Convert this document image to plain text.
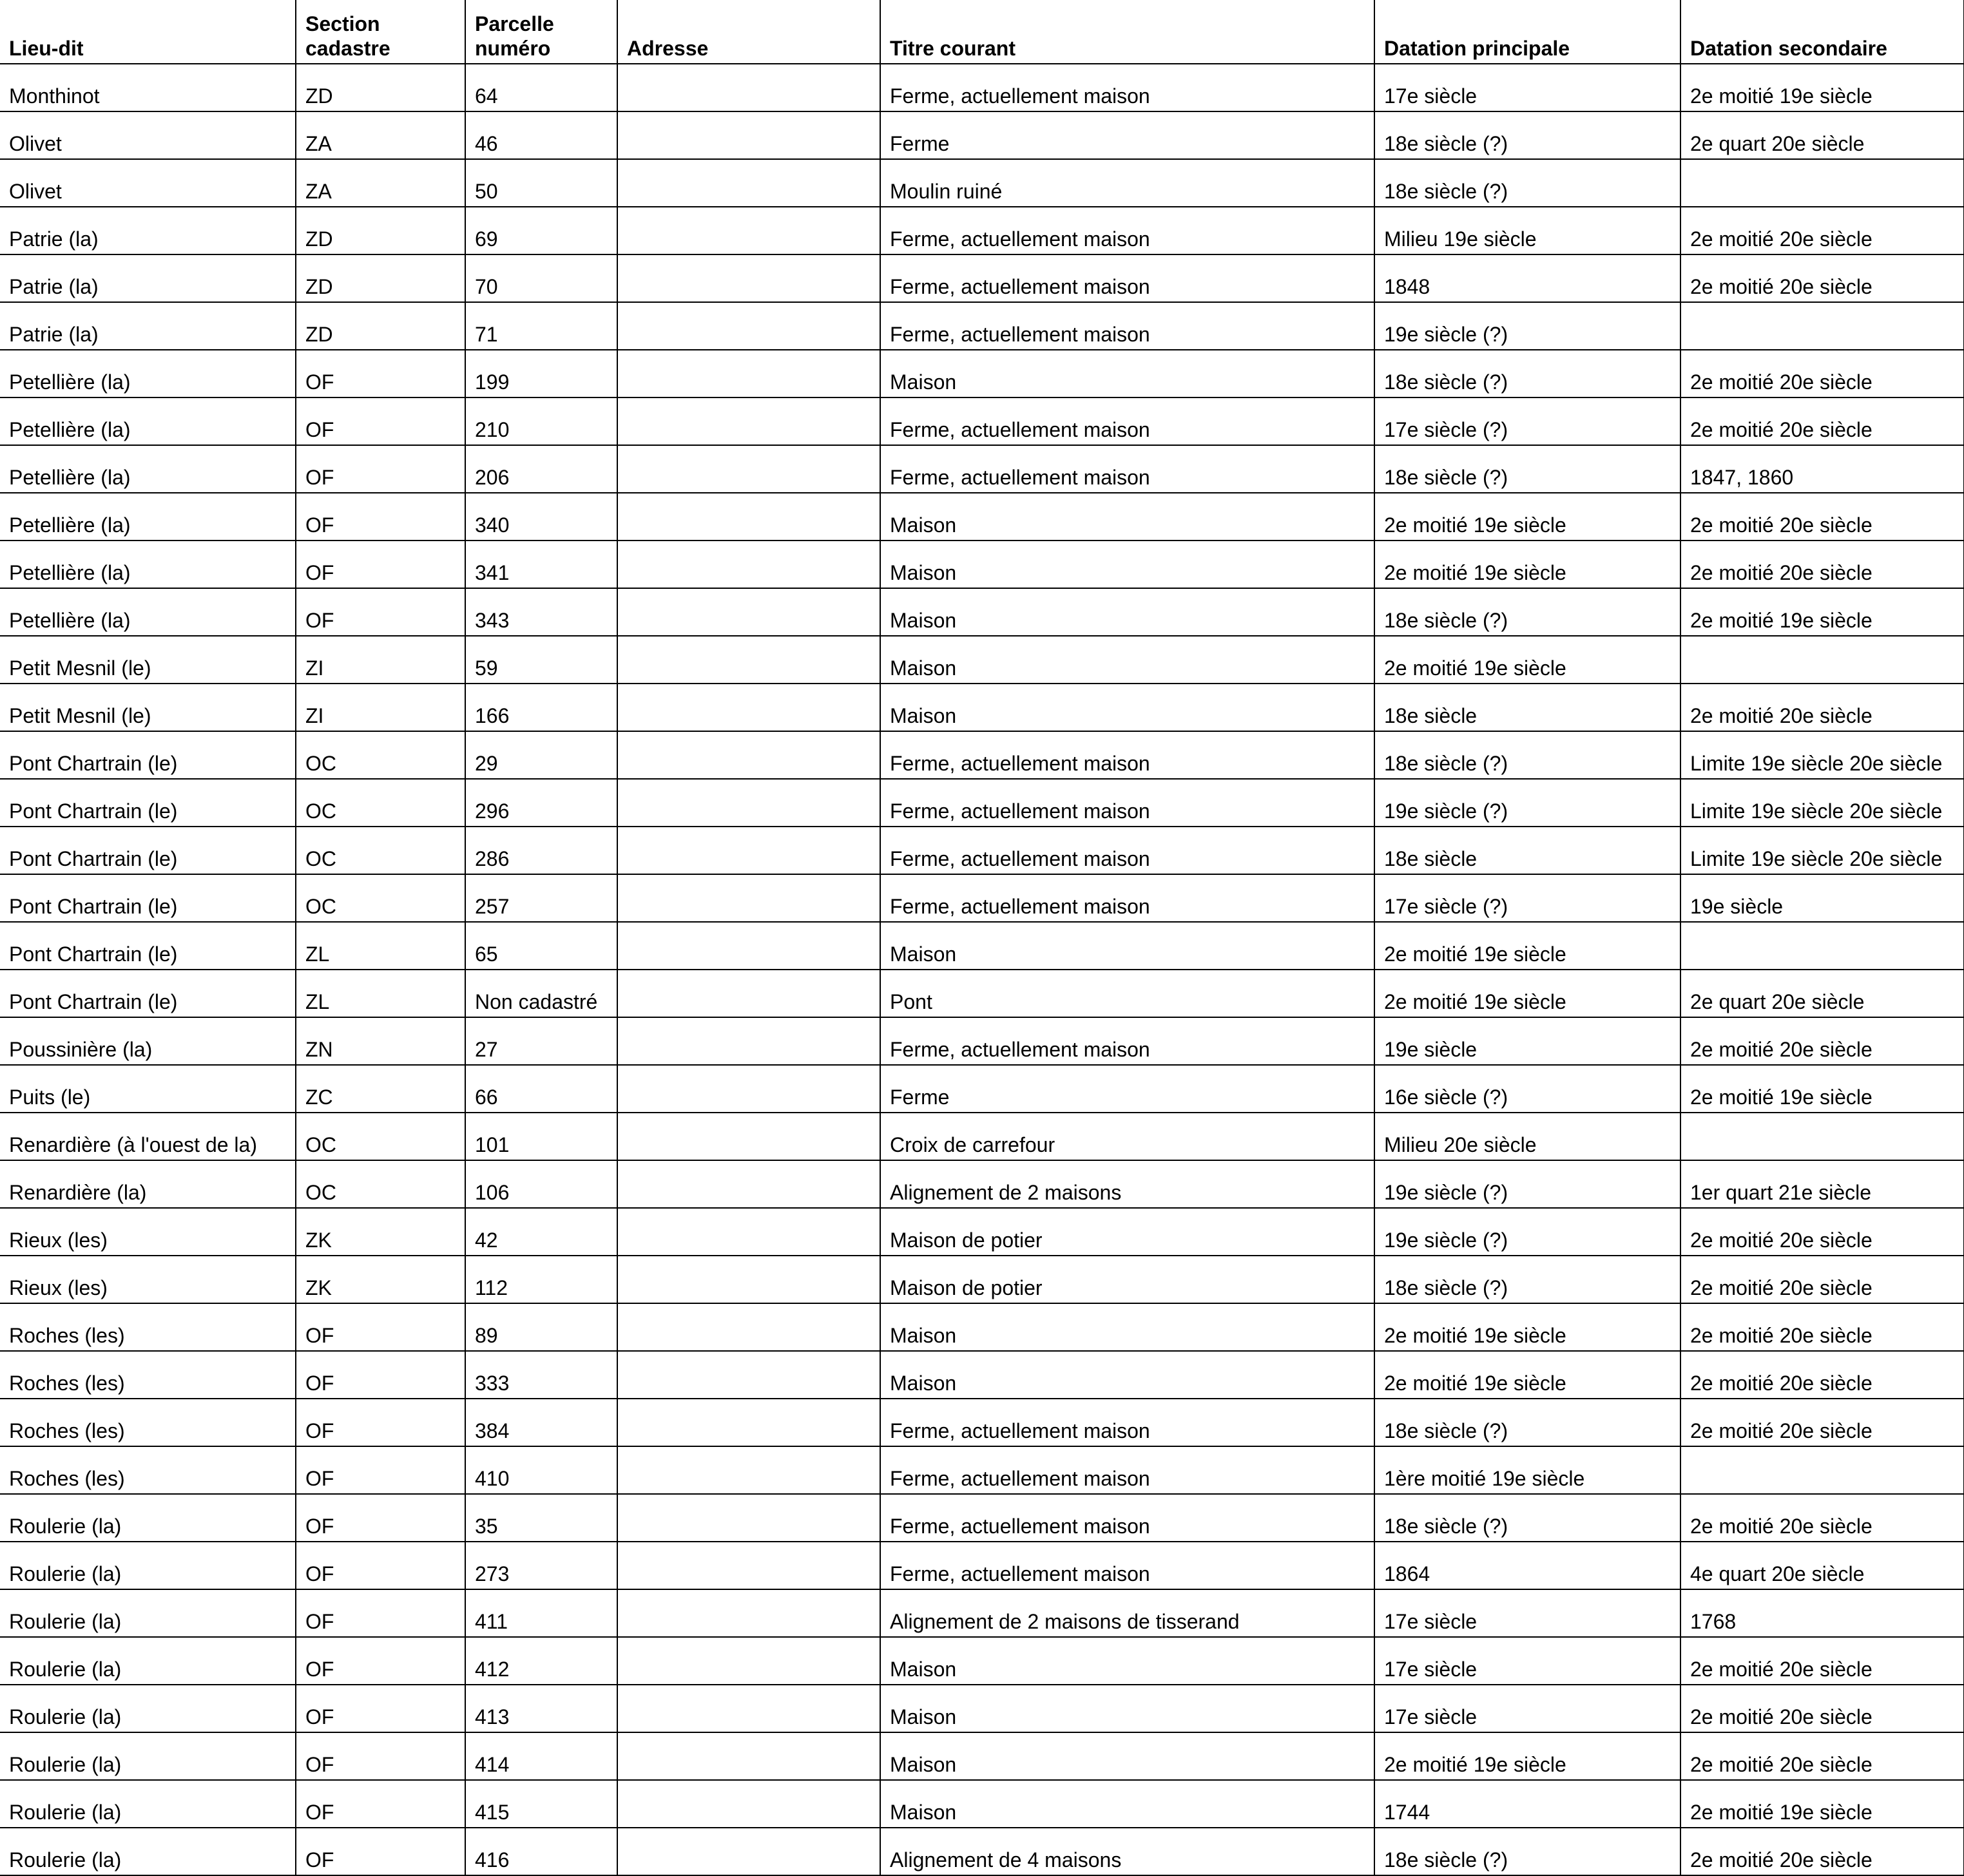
Lieu-dit	Section cadastre	Parcelle numéro	Adresse	Titre courant	Datation principale	Datation secondaire
Monthinot	ZD	64		Ferme, actuellement maison	17e siècle	2e moitié 19e siècle
Olivet	ZA	46		Ferme	18e siècle (?)	2e quart 20e siècle
Olivet	ZA	50		Moulin ruiné	18e siècle (?)	
Patrie (la)	ZD	69		Ferme, actuellement maison	Milieu 19e siècle	2e moitié 20e siècle
Patrie (la)	ZD	70		Ferme, actuellement maison	1848	2e moitié 20e siècle
Patrie (la)	ZD	71		Ferme, actuellement maison	19e siècle (?)	
Petellière (la)	OF	199		Maison	18e siècle (?)	2e moitié 20e siècle
Petellière (la)	OF	210		Ferme, actuellement maison	17e siècle (?)	2e moitié 20e siècle
Petellière (la)	OF	206		Ferme, actuellement maison	18e siècle (?)	1847, 1860
Petellière (la)	OF	340		Maison	2e moitié 19e siècle	2e moitié 20e siècle
Petellière (la)	OF	341		Maison	2e moitié 19e siècle	2e moitié 20e siècle
Petellière (la)	OF	343		Maison	18e siècle (?)	2e moitié 19e siècle
Petit Mesnil (le)	ZI	59		Maison	2e moitié 19e siècle	
Petit Mesnil (le)	ZI	166		Maison	18e siècle	2e moitié 20e siècle
Pont Chartrain (le)	OC	29		Ferme, actuellement maison	18e siècle (?)	Limite 19e siècle 20e siècle
Pont Chartrain (le)	OC	296		Ferme, actuellement maison	19e siècle (?)	Limite 19e siècle 20e siècle
Pont Chartrain (le)	OC	286		Ferme, actuellement maison	18e siècle	Limite 19e siècle 20e siècle
Pont Chartrain (le)	OC	257		Ferme, actuellement maison	17e siècle (?)	19e siècle
Pont Chartrain (le)	ZL	65		Maison	2e moitié 19e siècle	
Pont Chartrain (le)	ZL	Non cadastré		Pont	2e moitié 19e siècle	2e quart 20e siècle
Poussinière (la)	ZN	27		Ferme, actuellement maison	19e siècle	2e moitié 20e siècle
Puits (le)	ZC	66		Ferme	16e siècle (?)	2e moitié 19e siècle
Renardière (à l'ouest de la)	OC	101		Croix de carrefour	Milieu 20e siècle	
Renardière (la)	OC	106		Alignement de 2 maisons	19e siècle (?)	1er quart 21e siècle
Rieux (les)	ZK	42		Maison de potier	19e siècle (?)	2e moitié 20e siècle
Rieux (les)	ZK	112		Maison de potier	18e siècle (?)	2e moitié 20e siècle
Roches (les)	OF	89		Maison	2e moitié 19e siècle	2e moitié 20e siècle
Roches (les)	OF	333		Maison	2e moitié 19e siècle	2e moitié 20e siècle
Roches (les)	OF	384		Ferme, actuellement maison	18e siècle (?)	2e moitié 20e siècle
Roches (les)	OF	410		Ferme, actuellement maison	1ère moitié 19e siècle	
Roulerie (la)	OF	35		Ferme, actuellement maison	18e siècle (?)	2e moitié 20e siècle
Roulerie (la)	OF	273		Ferme, actuellement maison	1864	4e quart 20e siècle
Roulerie (la)	OF	411		Alignement de 2 maisons de tisserand	17e siècle	1768
Roulerie (la)	OF	412		Maison	17e siècle	2e moitié 20e siècle
Roulerie (la)	OF	413		Maison	17e siècle	2e moitié 20e siècle
Roulerie (la)	OF	414		Maison	2e moitié 19e siècle	2e moitié 20e siècle
Roulerie (la)	OF	415		Maison	1744	2e moitié 19e siècle
Roulerie (la)	OF	416		Alignement de 4 maisons	18e siècle (?)	2e moitié 20e siècle
